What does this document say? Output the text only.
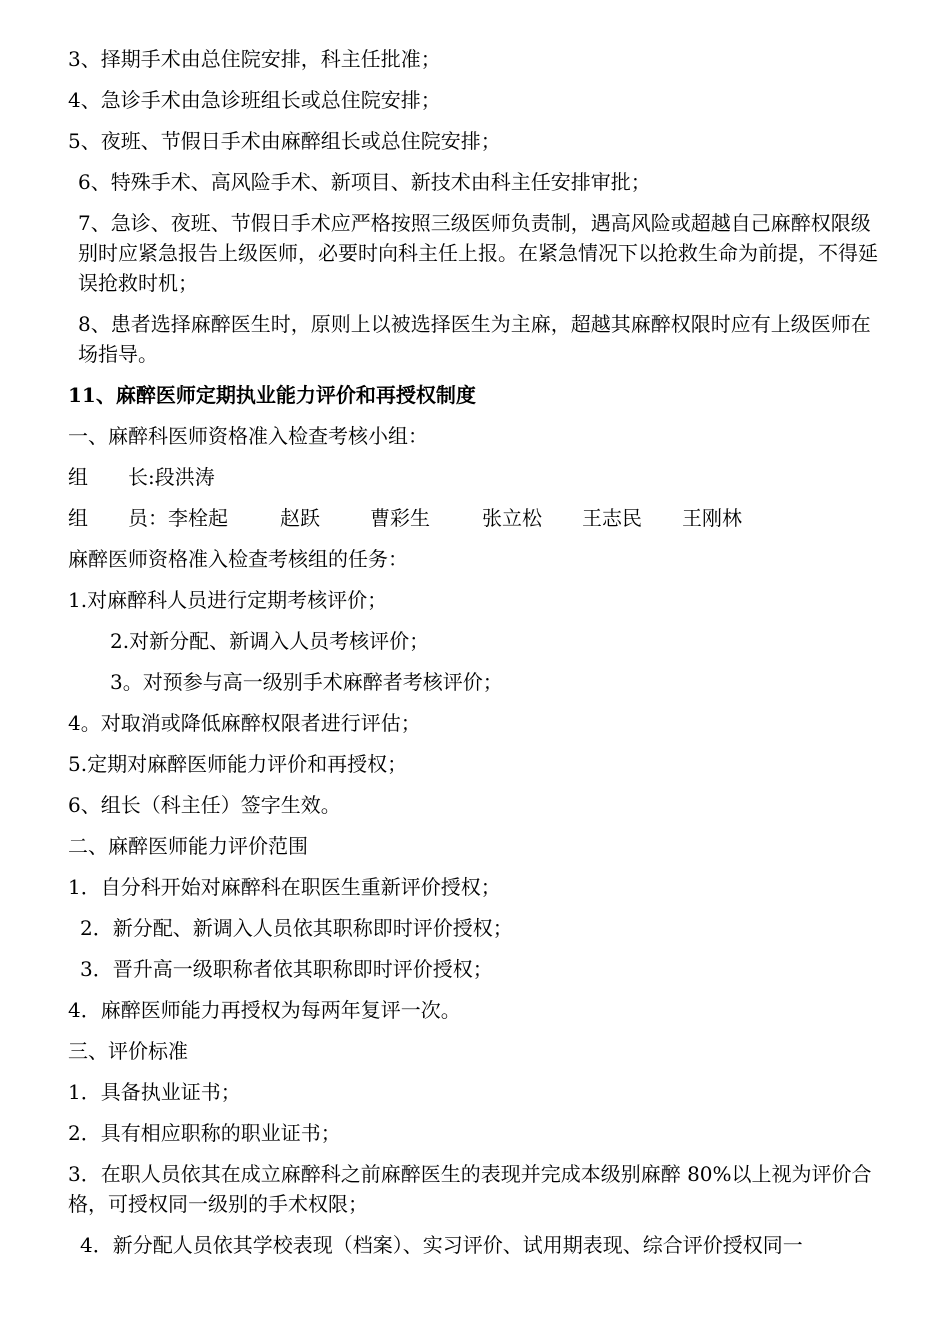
3、择期手术由总住院安排，科主任批准；

4、急诊手术由急诊班组长或总住院安排；

5、夜班、节假日手术由麻醉组长或总住院安排；

6、特殊手术、高风险手术、新项目、新技术由科主任安排审批；

7、急诊、夜班、节假日手术应严格按照三级医师负责制，遇高风险或超越自己麻醉权限级别时应紧急报告上级医师，必要时向科主任上报。在紧急情况下以抢救生命为前提，不得延误抢救时机；

8、患者选择麻醉医生时，原则上以被选择医生为主麻，超越其麻醉权限时应有上级医师在场指导。

11、麻醉医师定期执业能力评价和再授权制度

一、麻醉科医师资格准入检查考核小组：

组　　长: 段洪涛
组　　员： 李栓起	赵跃	曹彩生	张立松	王志民	王刚林

麻醉医师资格准入检查考核组的任务：

1.对麻醉科人员进行定期考核评价；

2.对新分配、新调入人员考核评价；

3。对预参与高一级别手术麻醉者考核评价；

4。对取消或降低麻醉权限者进行评估；

5.定期对麻醉医师能力评价和再授权；

6、组长（科主任）签字生效。

二、麻醉医师能力评价范围

1．自分科开始对麻醉科在职医生重新评价授权；

2．新分配、新调入人员依其职称即时评价授权；

3．晋升高一级职称者依其职称即时评价授权；

4．麻醉医师能力再授权为每两年复评一次。

三、评价标准

1．具备执业证书；

2．具有相应职称的职业证书；

3．在职人员依其在成立麻醉科之前麻醉医生的表现并完成本级别麻醉 80%以上视为评价合格，可授权同一级别的手术权限；

4．新分配人员依其学校表现（档案）、实习评价、试用期表现、综合评价授权同一
